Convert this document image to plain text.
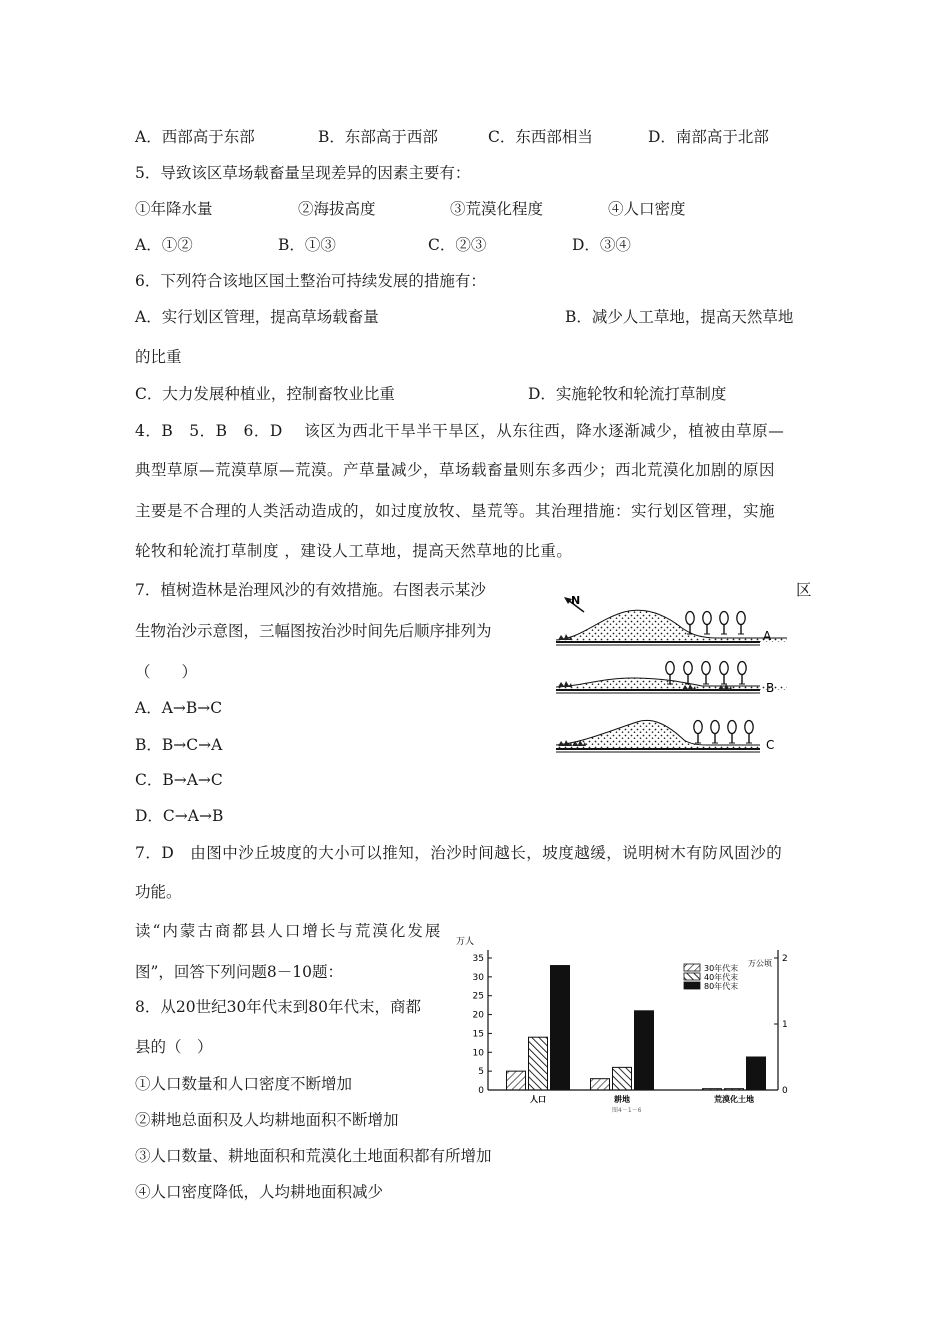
A．西部高于东部	B．东部高于西部	C．东西部相当	D．南部高于北部
5．导致该区草场载畜量呈现差异的因素主要有：
①年降水量	②海拔高度	③荒漠化程度	④人口密度
A．①②	B．①③	C．②③	D．③④
6．下列符合该地区国土整治可持续发展的措施有：
A．实行划区管理，提高草场载畜量	B．减少人工草地，提高天然草地
的比重
C．大力发展种植业，控制畜牧业比重	D．实施轮牧和轮流打草制度
4．B　5．B　6．D　 该区为西北干旱半干旱区，从东往西，降水逐渐减少，植被由草原—
典型草原—荒漠草原—荒漠。产草量减少，草场载畜量则东多西少；西北荒漠化加剧的原因
主要是不合理的人类活动造成的，如过度放牧、垦荒等。其治理措施：实行划区管理，实施
轮牧和轮流打草制度 ，建设人工草地，提高天然草地的比重。
7．植树造林是治理风沙的有效措施。右图表示某沙	区
生物治沙示意图，三幅图按治沙时间先后顺序排列为
（　　）
A．A→B→C
B．B→C→A
C．B→A→C
D．C→A→B
N
A
B
C
7．D　由图中沙丘坡度的大小可以推知，治沙时间越长，坡度越缓，说明树木有防风固沙的
功能。
读“内蒙古商都县人口增长与荒漠化发展
图”，回答下列问题8－10题：
8．从20世纪30年代末到80年代末，商都
县的（　）
①人口数量和人口密度不断增加
②耕地总面积及人均耕地面积不断增加
③人口数量、耕地面积和荒漠化土地面积都有所增加
④人口密度降低，人均耕地面积减少
万人
万公顷
图4－1－6
0
5
10
15
20
25
30
35
0
1
2
人口	耕地	荒漠化土地
30年代末
40年代末
80年代末
